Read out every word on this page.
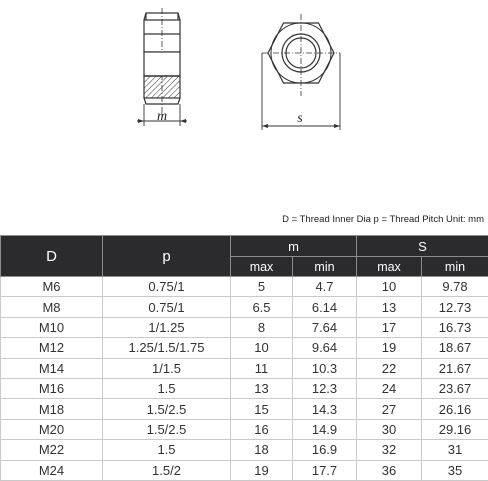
m	s
D = Thread Inner Dia p = Thread Pitch Unit: mm
D	p	m		S	
		max	min	max	min
M6	0.75/1	5	4.7	10	9.78
M8	0.75/1	6.5	6.14	13	12.73
M10	1/1.25	8	7.64	17	16.73
M12	1.25/1.5/1.75	10	9.64	19	18.67
M14	1/1.5	11	10.3	22	21.67
M16	1.5	13	12.3	24	23.67
M18	1.5/2.5	15	14.3	27	26.16
M20	1.5/2.5	16	14.9	30	29.16
M22	1.5	18	16.9	32	31
M24	1.5/2	19	17.7	36	35
